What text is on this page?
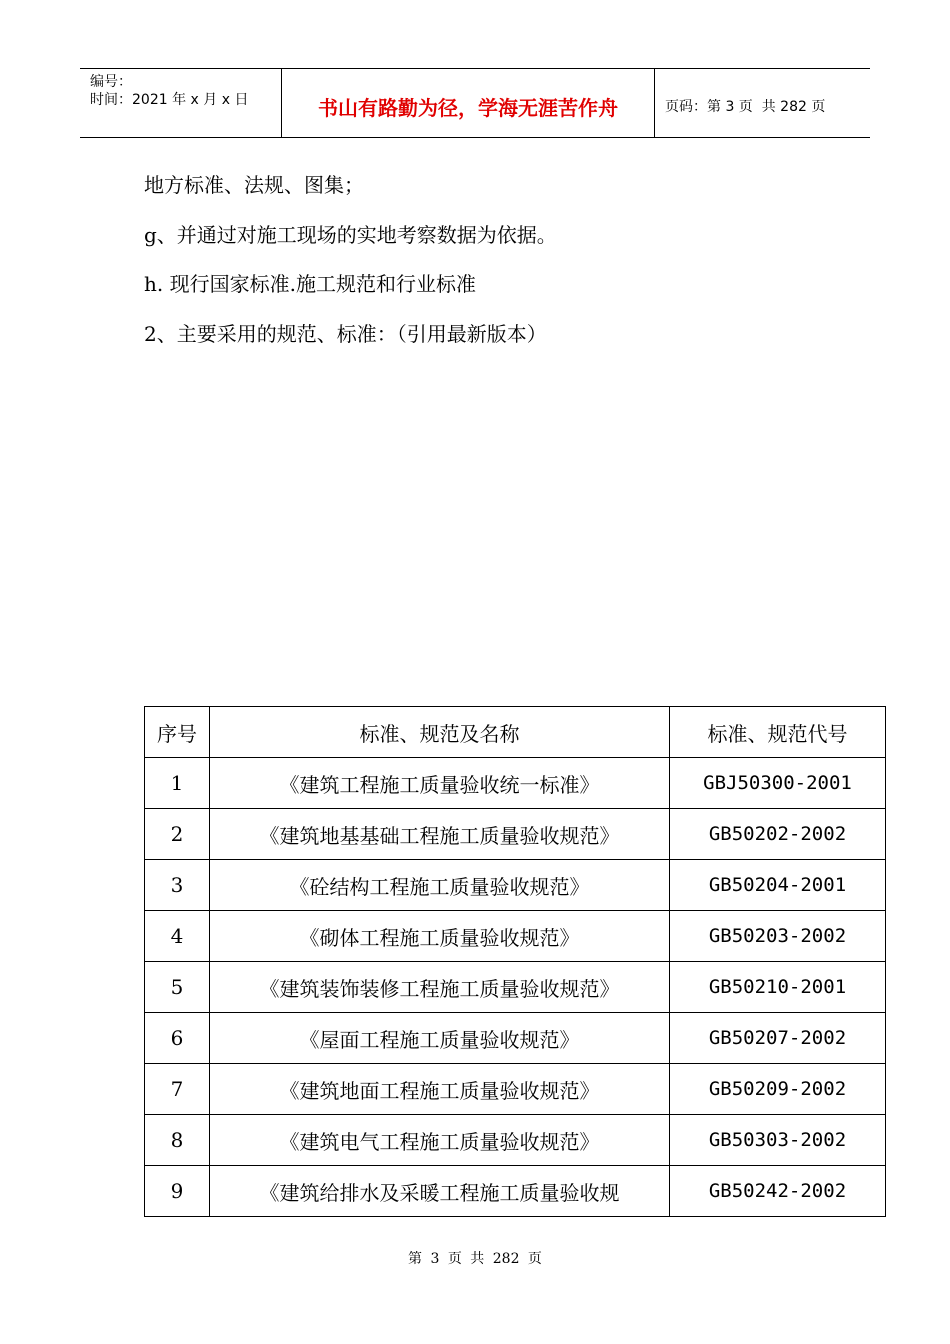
编号：
时间：2021 年 x 月 x 日	书山有路勤为径，学海无涯苦作舟	页码：第 3 页  共 282 页
地方标准、法规、图集；
g、并通过对施工现场的实地考察数据为依据。
h. 现行国家标准.施工规范和行业标准
2、主要采用的规范、标准：（引用最新版本）
序号	标准、规范及名称	标准、规范代号
1	《建筑工程施工质量验收统一标准》	GBJ50300-2001
2	《建筑地基基础工程施工质量验收规范》	GB50202-2002
3	《砼结构工程施工质量验收规范》	GB50204-2001
4	《砌体工程施工质量验收规范》	GB50203-2002
5	《建筑装饰装修工程施工质量验收规范》	GB50210-2001
6	《屋面工程施工质量验收规范》	GB50207-2002
7	《建筑地面工程施工质量验收规范》	GB50209-2002
8	《建筑电气工程施工质量验收规范》	GB50303-2002
9	《建筑给排水及采暖工程施工质量验收规	GB50242-2002
第 3 页 共 282 页
